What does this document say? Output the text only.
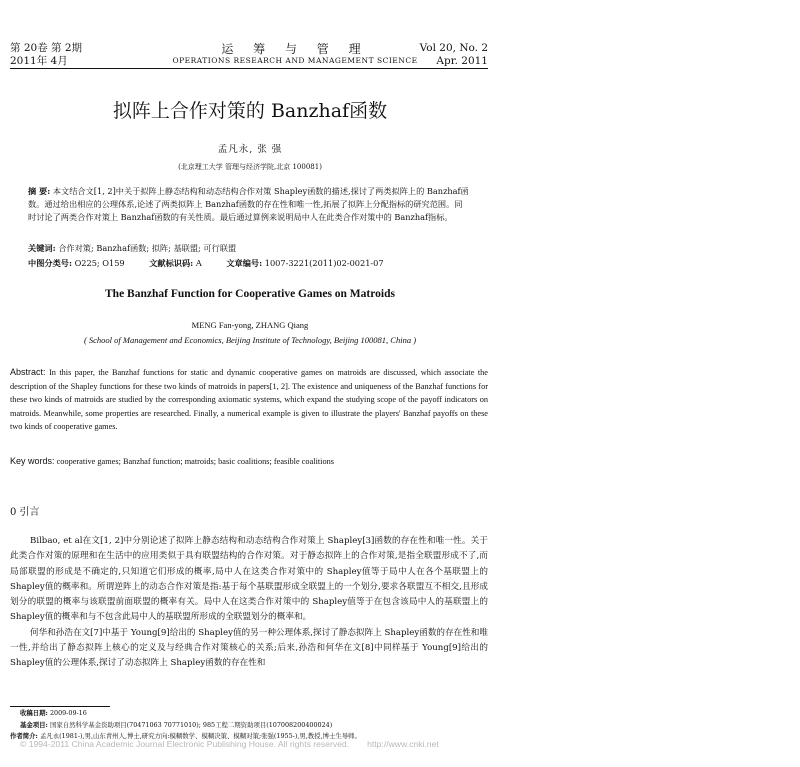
第 20卷 第 2期
2011年 4月
运 筹 与 管 理
OPERATIONS RESEARCH AND MANAGEMENT SCIENCE
Vol 20, No. 2
Apr. 2011
拟阵上合作对策的 Banzhaf函数
孟凡永, 张 强
(北京理工大学 管理与经济学院,北京 100081)
摘 要: 本文结合文[1, 2]中关于拟阵上静态结构和动态结构合作对策 Shapley函数的描述,探讨了两类拟阵上的 Banzhaf函数。通过给出相应的公理体系,论述了两类拟阵上 Banzhaf函数的存在性和唯一性,拓展了拟阵上分配指标的研究范围。同时讨论了两类合作对策上 Banzhaf函数的有关性质。最后通过算例来说明局中人在此类合作对策中的 Banzhaf指标。
关键词: 合作对策; Banzhaf函数; 拟阵; 基联盟; 可行联盟
中图分类号: O225; O159	文献标识码: A	文章编号: 1007-3221(2011)02-0021-07
The Banzhaf Function for Cooperative Games on Matroids
MENG Fan-yong, ZHANG Qiang
( School of Management and Economics, Beijing Institute of Technology, Beijing 100081, China )
Abstract: In this paper, the Banzhaf functions for static and dynamic cooperative games on matroids are discussed, which associate the description of the Shapley functions for these two kinds of matroids in papers[1, 2]. The existence and uniqueness of the Banzhaf functions for these two kinds of matroids are studied by the corresponding axiomatic systems, which expand the studying scope of the payoff indicators on matroids. Meanwhile, some properties are researched. Finally, a numerical example is given to illustrate the players' Banzhaf payoffs on these two kinds of cooperative games.
Key words: cooperative games; Banzhaf function; matroids; basic coalitions; feasible coalitions
0 引言

Bilbao, et al在文[1, 2]中分别论述了拟阵上静态结构和动态结构合作对策上 Shapley[3]函数的存在性和唯一性。关于此类合作对策的原理和在生活中的应用类似于具有联盟结构的合作对策。对于静态拟阵上的合作对策,是指全联盟形成不了,而局部联盟的形成是不确定的,只知道它们形成的概率,局中人在这类合作对策中的 Shapley值等于局中人在各个基联盟上的 Shapley值的概率和。所谓逆阵上的动态合作对策是指:基于每个基联盟形成全联盟上的一个划分,要求各联盟互不相交,且形成划分的联盟的概率与该联盟前面联盟的概率有关。局中人在这类合作对策中的 Shapley值等于在包含该局中人的基联盟上的 Shapley值的概率和与不包含此局中人的基联盟所形成的全联盟划分的概率和。

何华和孙浩在文[7]中基于 Young[9]给出的 Shapley值的另一种公理体系,探讨了静态拟阵上 Shapley函数的存在性和唯一性,并给出了静态拟阵上核心的定义及与经典合作对策核心的关系;后来,孙浩和何华在文[8]中同样基于 Young[9]给出的 Shapley值的公理体系,探讨了动态拟阵上 Shapley函数的存在性和

收稿日期: 2009-09-16
基金项目: 国家自然科学基金资助项目(70471063 70771010); 985工程二期资助项目(107008200400024)
作者简介: 孟凡永(1981-),男,山东青州人,博士,研究方向:模糊数学、模糊决策、模糊对策;张强(1955-),男,教授,博士生导师。
© 1994-2011 China Academic Journal Electronic Publishing House. All rights reserved. http://www.cnki.net
